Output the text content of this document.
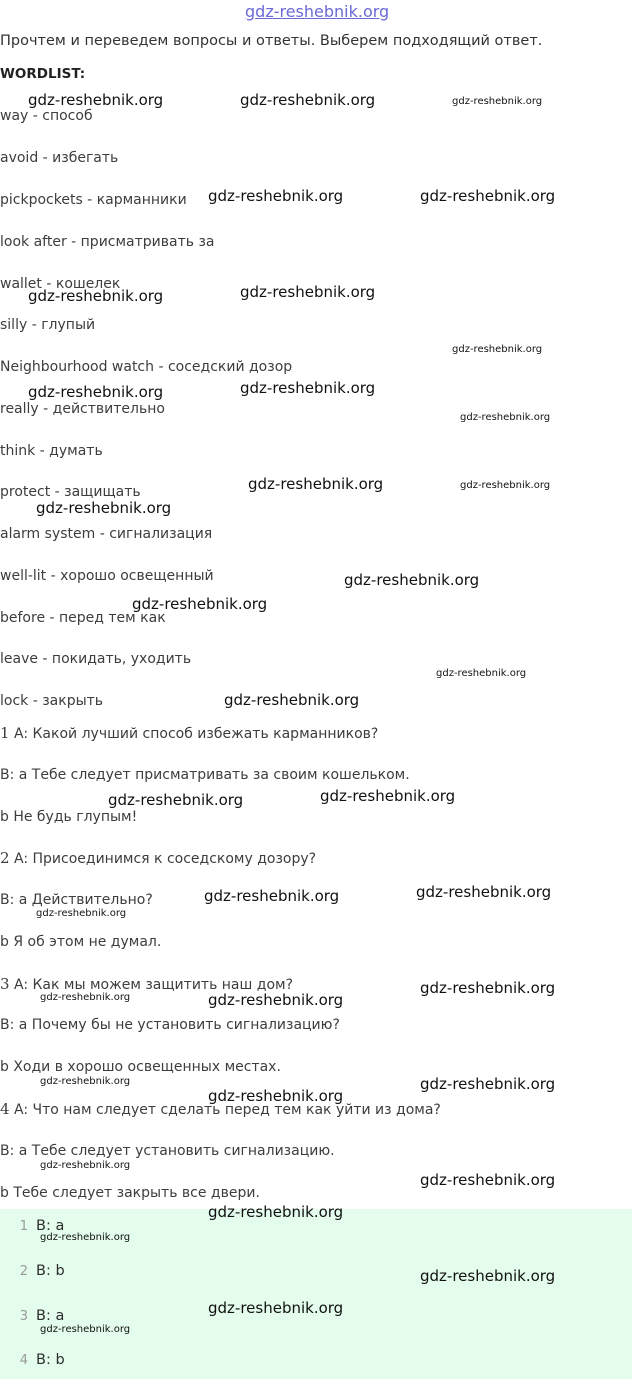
gdz-reshebnik.org
Прочтем и переведем вопросы и ответы. Выберем подходящий ответ.
WORDLIST:
way - способ
avoid - избегать
pickpockets - карманники
look after - присматривать за
wallet - кошелек
silly - глупый
Neighbourhood watch - соседский дозор
really - действительно
think - думать
protect - защищать
alarm system - сигнализация
well-lit - хорошо освещенный
before - перед тем как
leave - покидать, уходить
lock - закрыть
1 A: Какой лучший способ избежать карманников?
B: a Тебе следует присматривать за своим кошельком.
b Не будь глупым!
2 A: Присоединимся к соседскому дозору?
B: a Действительно?
b Я об этом не думал.
3 A: Как мы можем защитить наш дом?
B: a Почему бы не установить сигнализацию?
b Ходи в хорошо освещенных местах.
4 A: Что нам следует сделать перед тем как уйти из дома?
B: a Тебе следует установить сигнализацию.
b Тебе следует закрыть все двери.
1 B: a
2 B: b
3 B: a
4 B: b
gdz-reshebnik.org	gdz-reshebnik.org	gdz-reshebnik.org
gdz-reshebnik.org	gdz-reshebnik.org
gdz-reshebnik.org	gdz-reshebnik.org
gdz-reshebnik.org
gdz-reshebnik.org	gdz-reshebnik.org
gdz-reshebnik.org
gdz-reshebnik.org	gdz-reshebnik.org
gdz-reshebnik.org
gdz-reshebnik.org
gdz-reshebnik.org
gdz-reshebnik.org
gdz-reshebnik.org
gdz-reshebnik.org
gdz-reshebnik.org
gdz-reshebnik.org	gdz-reshebnik.org
gdz-reshebnik.org
gdz-reshebnik.org
gdz-reshebnik.org	gdz-reshebnik.org
gdz-reshebnik.org	gdz-reshebnik.org
gdz-reshebnik.org
gdz-reshebnik.org
gdz-reshebnik.org
gdz-reshebnik.org
gdz-reshebnik.org
gdz-reshebnik.org
gdz-reshebnik.org
gdz-reshebnik.org
